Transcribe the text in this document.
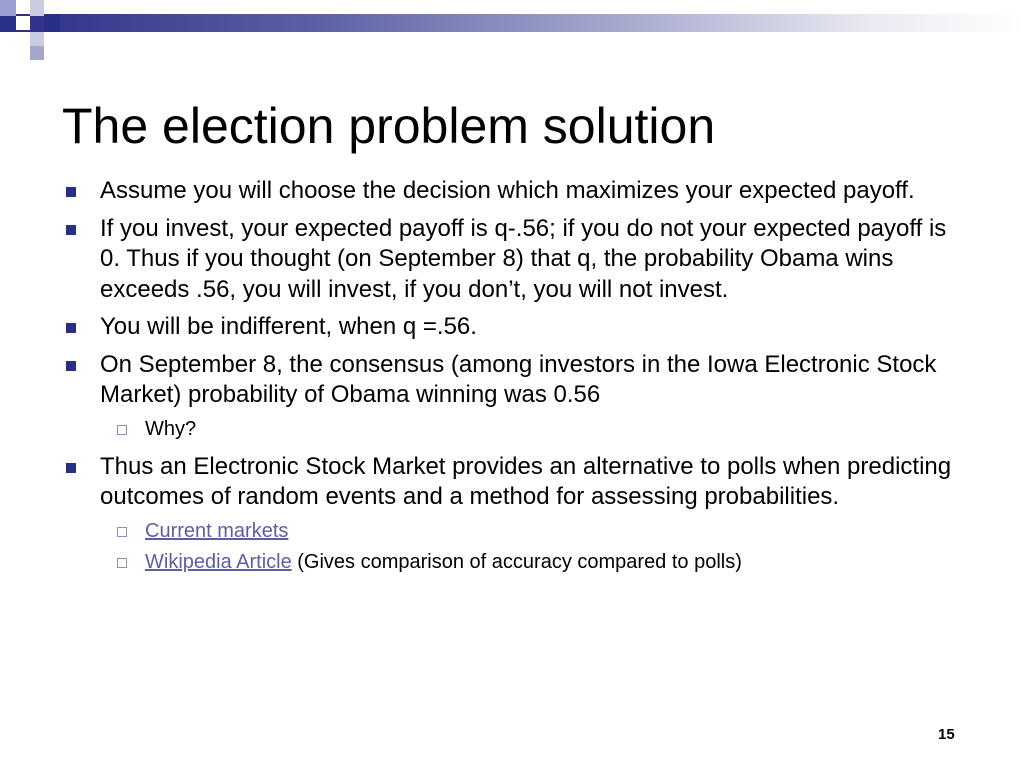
The election problem solution
Assume you will choose the decision which maximizes your expected payoff.
If you invest, your expected payoff is q-.56; if you do not your expected payoff is 0. Thus if you thought (on September 8) that q, the probability Obama wins exceeds .56, you will invest, if you don’t, you will not invest.
You will be indifferent, when q =.56.
On September 8, the consensus (among investors in the Iowa Electronic Stock Market) probability of Obama winning was 0.56
Why?
Thus an Electronic Stock Market provides an alternative to polls when predicting outcomes of random events and a method for assessing probabilities.
Current markets
Wikipedia Article (Gives comparison of accuracy compared to polls)
15
